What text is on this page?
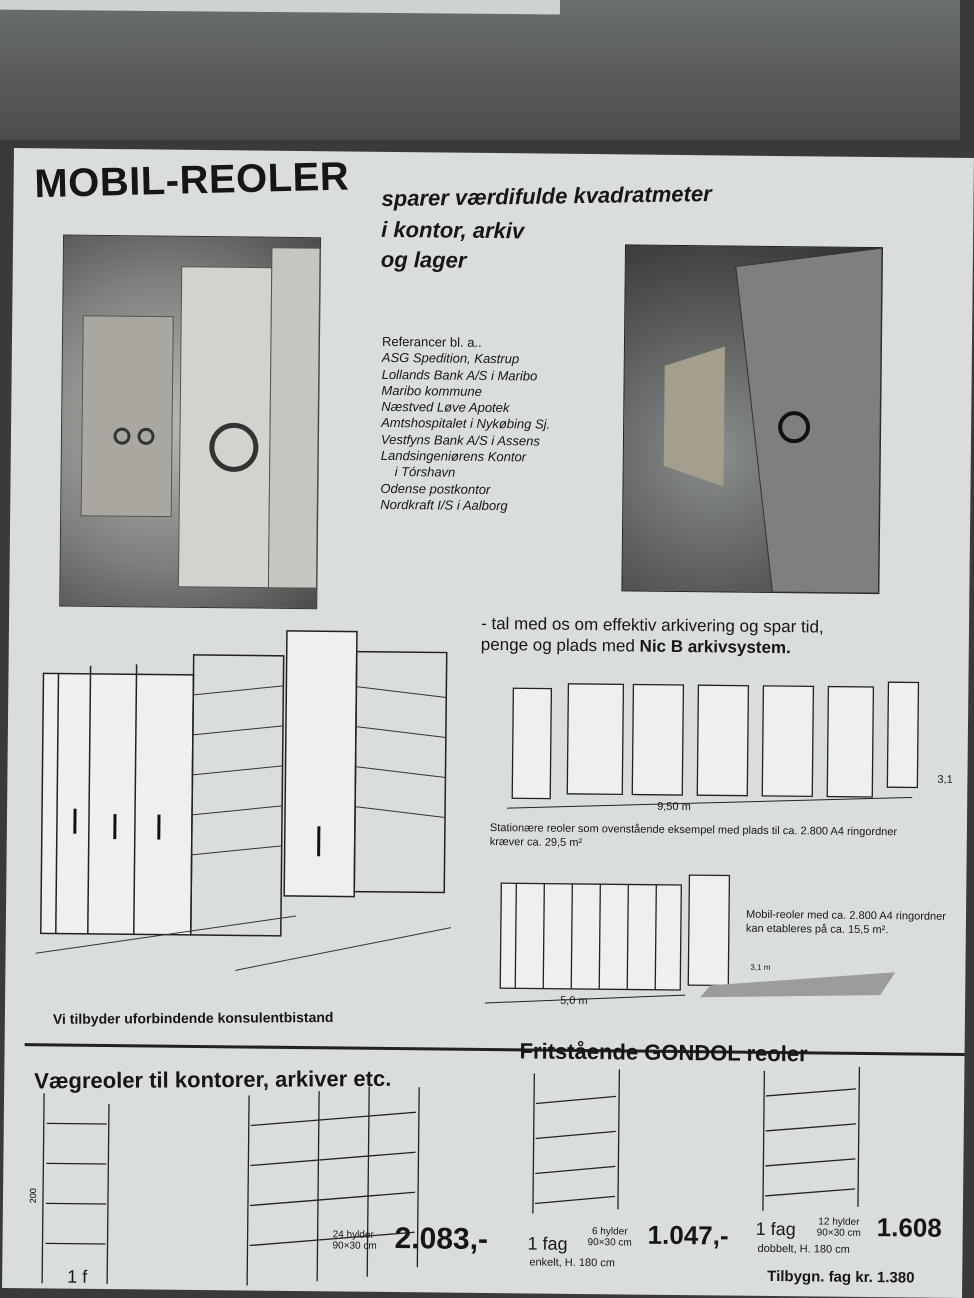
MOBIL-REOLER sparer værdifulde kvadratmeter
i kontor, arkiv
og lager
Referancer bl. a..
ASG Spedition, Kastrup
Lollands Bank A/S i Maribo
Maribo kommune
Næstved Løve Apotek
Amtshospitalet i Nykøbing Sj.
Vestfyns Bank A/S i Assens
Landsingeniørens Kontor
i Tórshavn
Odense postkontor
Nordkraft I/S i Aalborg
- tal med os om effektiv arkivering og spar tid,
penge og plads med Nic B arkivsystem.
9,50 m
3,1
Stationære reoler som ovenstående eksempel med plads til ca. 2.800 A4 ringordner
kræver ca. 29,5 m²
3,1 m
5,0 m
Mobil-reoler med ca. 2.800 A4 ringordner
kan etableres på ca. 15,5 m².
Vi tilbyder uforbindende konsulentbistand
Vægreoler til kontorer, arkiver etc.
Fritstående GONDOL reoler
200
1 f
24 hylder
90×30 cm 2.083,- 1 fag
6 hylder
90×30 cm 1.047,-
enkelt, H. 180 cm
1 fag 12 hylder
90×30 cm 1.608
dobbelt, H. 180 cm
Tilbygn. fag kr. 1.380
